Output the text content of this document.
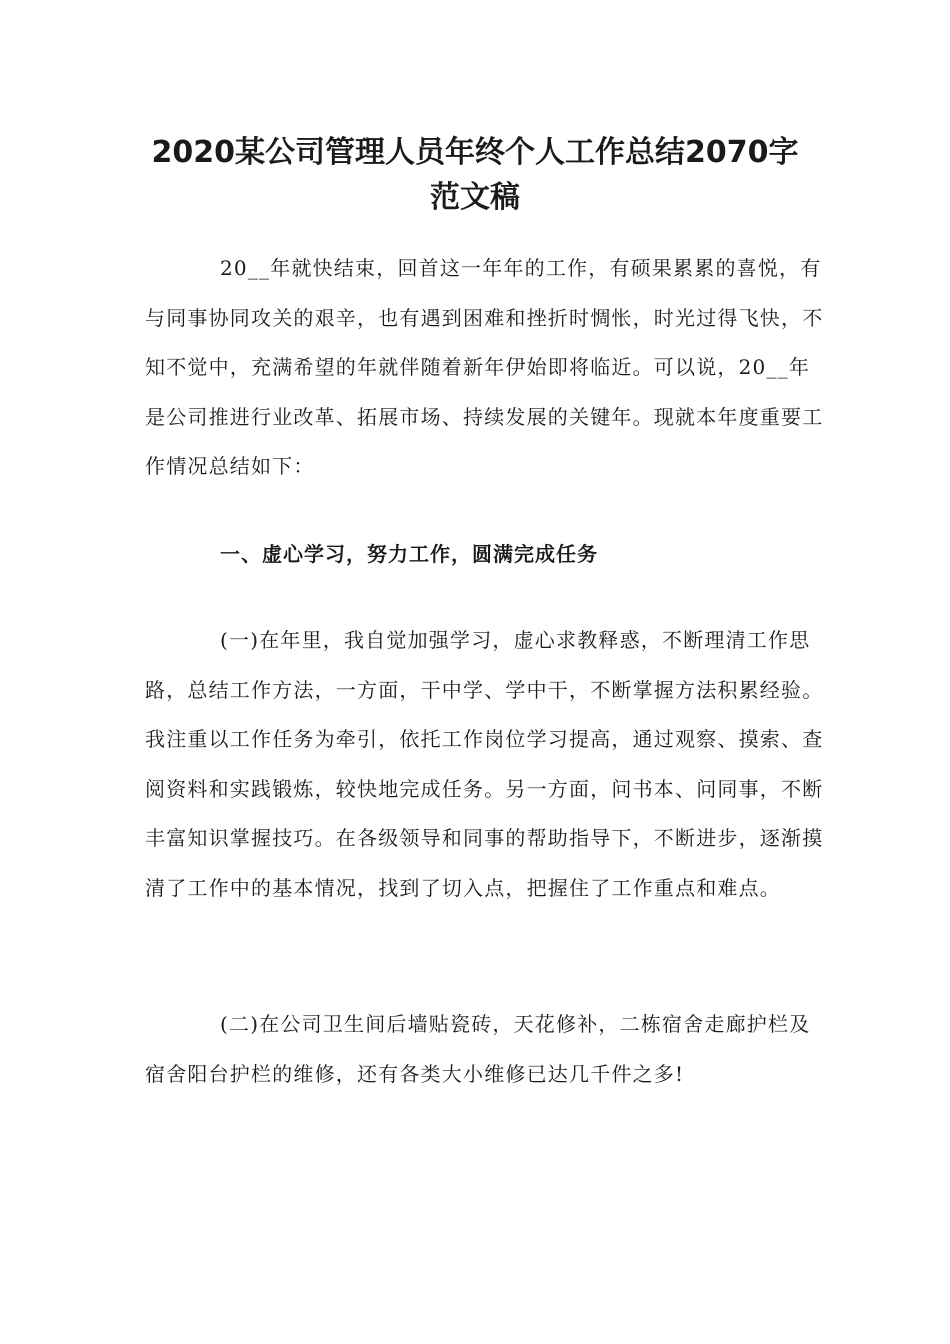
2020某公司管理人员年终个人工作总结2070字
范文稿

20__年就快结束，回首这一年年的工作，有硕果累累的喜悦，有与同事协同攻关的艰辛，也有遇到困难和挫折时惆怅，时光过得飞快，不知不觉中，充满希望的年就伴随着新年伊始即将临近。可以说，20__年是公司推进行业改革、拓展市场、持续发展的关键年。现就本年度重要工作情况总结如下：

一、虚心学习，努力工作，圆满完成任务

(一)在年里，我自觉加强学习，虚心求教释惑，不断理清工作思路，总结工作方法，一方面，干中学、学中干，不断掌握方法积累经验。我注重以工作任务为牵引，依托工作岗位学习提高，通过观察、摸索、查阅资料和实践锻炼，较快地完成任务。另一方面，问书本、问同事，不断丰富知识掌握技巧。在各级领导和同事的帮助指导下，不断进步，逐渐摸清了工作中的基本情况，找到了切入点，把握住了工作重点和难点。

(二)在公司卫生间后墙贴瓷砖，天花修补，二栋宿舍走廊护栏及宿舍阳台护栏的维修，还有各类大小维修已达几千件之多!
